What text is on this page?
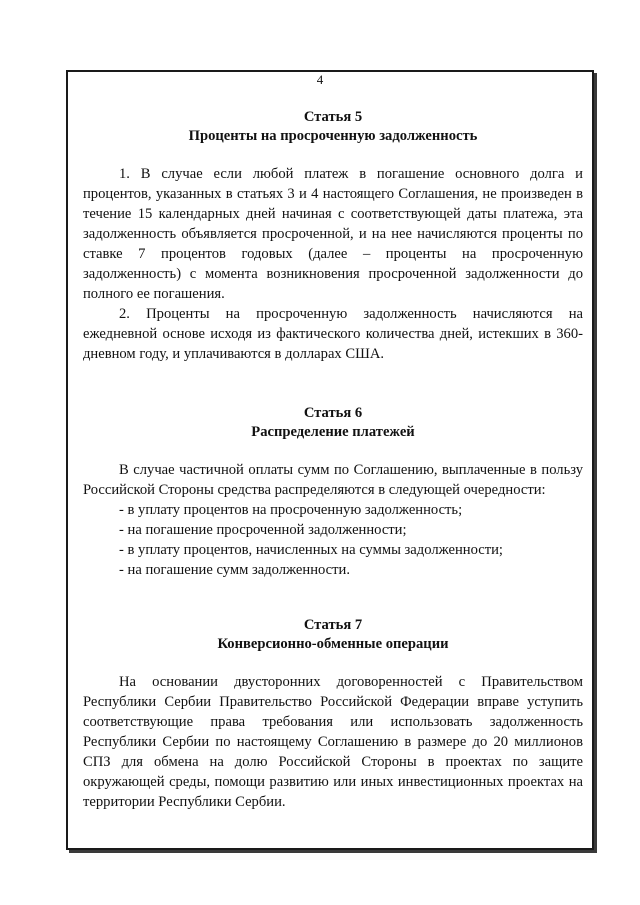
4
Статья 5
Проценты на просроченную задолженность

1. В случае если любой платеж в погашение основного долга и процентов, указанных в статьях 3 и 4 настоящего Соглашения, не произведен в течение 15 календарных дней начиная с соответствующей даты платежа, эта задолженность объявляется просроченной, и на нее начисляются проценты по ставке 7 процентов годовых (далее – проценты на просроченную задолженность) с момента возникновения просроченной задолженности до полного ее погашения.

2. Проценты на просроченную задолженность начисляются на ежедневной основе исходя из фактического количества дней, истекших в 360-дневном году, и уплачиваются в долларах США.

Статья 6
Распределение платежей

В случае частичной оплаты сумм по Соглашению, выплаченные в пользу Российской Стороны средства распределяются в следующей очередности:

- в уплату процентов на просроченную задолженность;
- на погашение просроченной задолженности;
- в уплату процентов, начисленных на суммы задолженности;
- на погашение сумм задолженности.
Статья 7
Конверсионно-обменные операции

На основании двусторонних договоренностей с Правительством Республики Сербии Правительство Российской Федерации вправе уступить соответствующие права требования или использовать задолженность Республики Сербии по настоящему Соглашению в размере до 20 миллионов СПЗ для обмена на долю Российской Стороны в проектах по защите окружающей среды, помощи развитию или иных инвестиционных проектах на территории Республики Сербии.
